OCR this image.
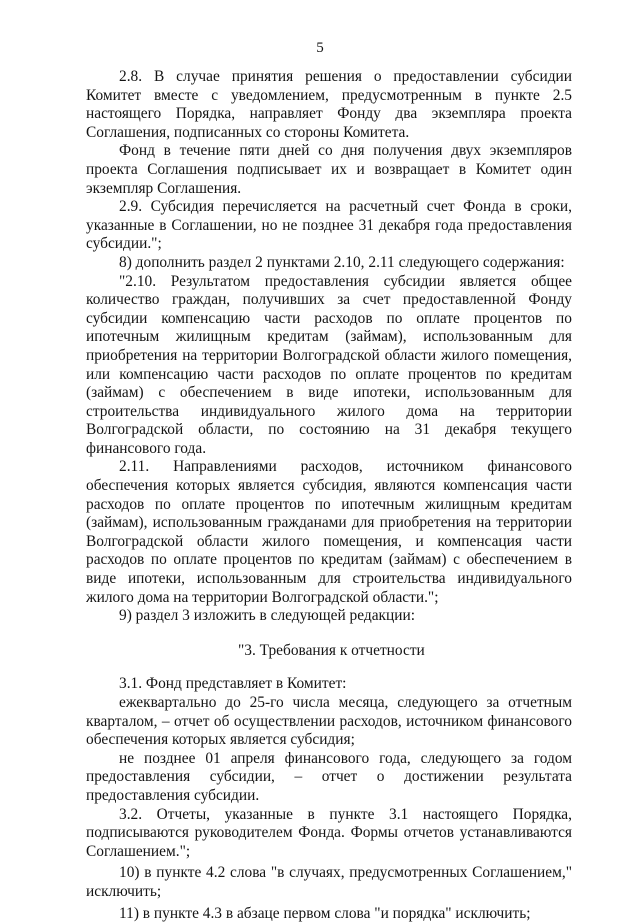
5

2.8. В случае принятия решения о предоставлении субсидии Комитет вместе с уведомлением, предусмотренным в пункте 2.5 настоящего Порядка, направляет Фонду два экземпляра проекта Соглашения, подписанных со стороны Комитета.

Фонд в течение пяти дней со дня получения двух экземпляров проекта Соглашения подписывает их и возвращает в Комитет один экземпляр Соглашения.

2.9. Субсидия перечисляется на расчетный счет Фонда в сроки, указанные в Соглашении, но не позднее 31 декабря года предоставления субсидии.";

8) дополнить раздел 2 пунктами 2.10, 2.11 следующего содержания:

"2.10. Результатом предоставления субсидии является общее количество граждан, получивших за счет предоставленной Фонду субсидии компенсацию части расходов по оплате процентов по ипотечным жилищным кредитам (займам), использованным для приобретения на территории Волгоградской области жилого помещения, или компенсацию части расходов по оплате процентов по кредитам (займам) с обеспечением в виде ипотеки, использованным для строительства индивидуального жилого дома на территории Волгоградской области, по состоянию на 31 декабря текущего финансового года.

2.11. Направлениями расходов, источником финансового обеспечения которых является субсидия, являются компенсация части расходов по оплате процентов по ипотечным жилищным кредитам (займам), использованным гражданами для приобретения на территории Волгоградской области жилого помещения, и компенсация части расходов по оплате процентов по кредитам (займам) с обеспечением в виде ипотеки, использованным для строительства индивидуального жилого дома на территории Волгоградской области.";

9) раздел 3 изложить в следующей редакции:

"3. Требования к отчетности

3.1. Фонд представляет в Комитет:

ежеквартально до 25-го числа месяца, следующего за отчетным кварталом, – отчет об осуществлении расходов, источником финансового обеспечения которых является субсидия;

не позднее 01 апреля финансового года, следующего за годом предоставления субсидии, – отчет о достижении результата предоставления субсидии.

3.2. Отчеты, указанные в пункте 3.1 настоящего Порядка, подписываются руководителем Фонда. Формы отчетов устанавливаются Соглашением.";

10) в пункте 4.2 слова "в случаях, предусмотренных Соглашением," исключить;

11) в пункте 4.3 в абзаце первом слова "и порядка" исключить;
